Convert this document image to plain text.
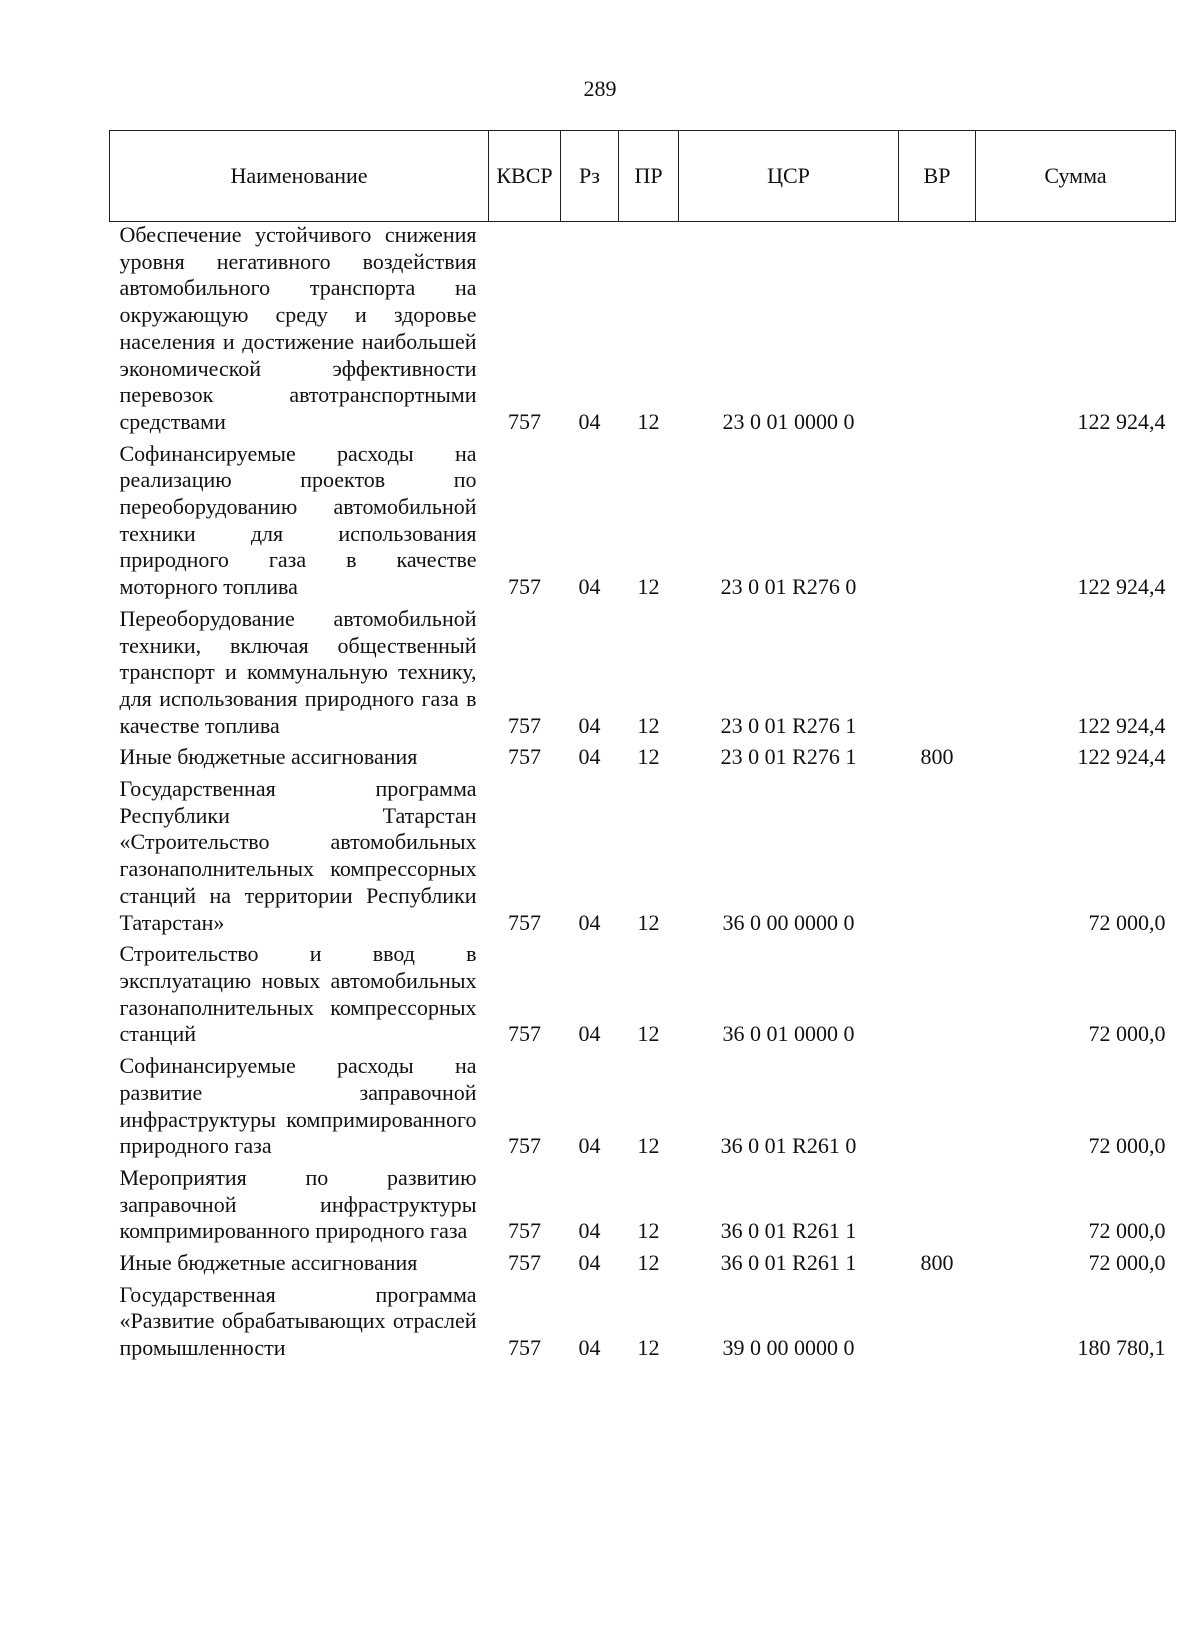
289
Наименование	КВСР	Рз	ПР	ЦСР	ВР	Сумма
Обеспечение устойчивого снижения уровня негативного воздействия автомобильного транспорта на окружающую среду и здоровье населения и достижение наибольшей экономической эффективности перевозок автотранспортными средствами	757	04	12	23 0 01 0000 0		122 924,4
Софинансируемые расходы на реализацию проектов по переоборудованию автомобильной техники для использования природного газа в качестве моторного топлива	757	04	12	23 0 01 R276 0		122 924,4
Переоборудование автомобильной техники, включая общественный транспорт и коммунальную технику, для использования природного газа в качестве топлива	757	04	12	23 0 01 R276 1		122 924,4
Иные бюджетные ассигнования	757	04	12	23 0 01 R276 1	800	122 924,4
Государственная программа Республики Татарстан «Строительство автомобильных газонаполнительных компрессорных станций на территории Республики Татарстан»	757	04	12	36 0 00 0000 0		72 000,0
Строительство и ввод в эксплуатацию новых автомобильных газонаполнительных компрессорных станций	757	04	12	36 0 01 0000 0		72 000,0
Софинансируемые расходы на развитие заправочной инфраструктуры компримированного природного газа	757	04	12	36 0 01 R261 0		72 000,0
Мероприятия по развитию заправочной инфраструктуры компримированного природного газа	757	04	12	36 0 01 R261 1		72 000,0
Иные бюджетные ассигнования	757	04	12	36 0 01 R261 1	800	72 000,0
Государственная программа «Развитие обрабатывающих отраслей промышленности	757	04	12	39 0 00 0000 0		180 780,1
